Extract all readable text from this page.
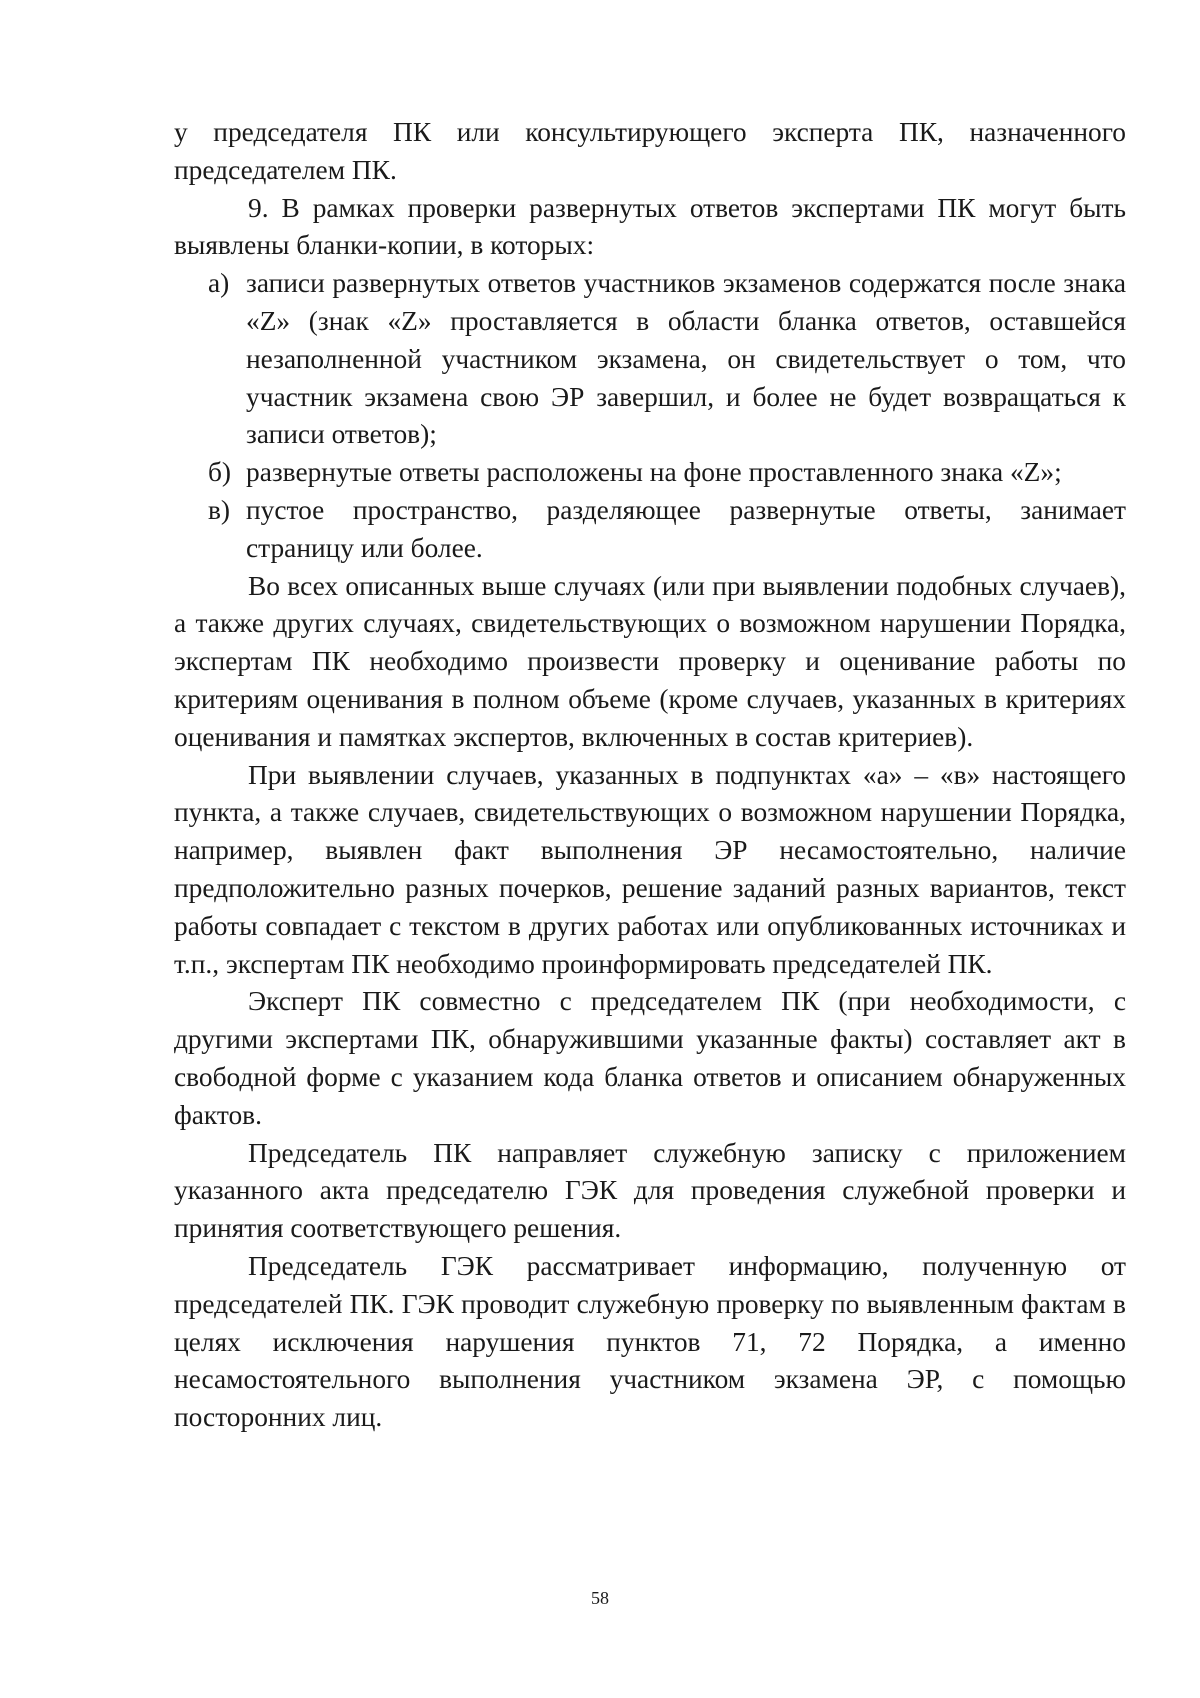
у председателя ПК или консультирующего эксперта ПК, назначенного председателем ПК.

9. В рамках проверки развернутых ответов экспертами ПК могут быть выявлены бланки-копии, в которых:

а) записи развернутых ответов участников экзаменов содержатся после знака «Z» (знак «Z» проставляется в области бланка ответов, оставшейся незаполненной участником экзамена, он свидетельствует о том, что участник экзамена свою ЭР завершил, и более не будет возвращаться к записи ответов);
б) развернутые ответы расположены на фоне проставленного знака «Z»;
в) пустое пространство, разделяющее развернутые ответы, занимает страницу или более.

Во всех описанных выше случаях (или при выявлении подобных случаев), а также других случаях, свидетельствующих о возможном нарушении Порядка, экспертам ПК необходимо произвести проверку и оценивание работы по критериям оценивания в полном объеме (кроме случаев, указанных в критериях оценивания и памятках экспертов, включенных в состав критериев).

При выявлении случаев, указанных в подпунктах «а» – «в» настоящего пункта, а также случаев, свидетельствующих о возможном нарушении Порядка, например, выявлен факт выполнения ЭР несамостоятельно, наличие предположительно разных почерков, решение заданий разных вариантов, текст работы совпадает с текстом в других работах или опубликованных источниках и т.п., экспертам ПК необходимо проинформировать председателей ПК.

Эксперт ПК совместно с председателем ПК (при необходимости, с другими экспертами ПК, обнаружившими указанные факты) составляет акт в свободной форме с указанием кода бланка ответов и описанием обнаруженных фактов.

Председатель ПК направляет служебную записку с приложением указанного акта председателю ГЭК для проведения служебной проверки и принятия соответствующего решения.

Председатель ГЭК рассматривает информацию, полученную от председателей ПК. ГЭК проводит служебную проверку по выявленным фактам в целях исключения нарушения пунктов 71, 72 Порядка, а именно несамостоятельного выполнения участником экзамена ЭР, с помощью посторонних лиц.

58
